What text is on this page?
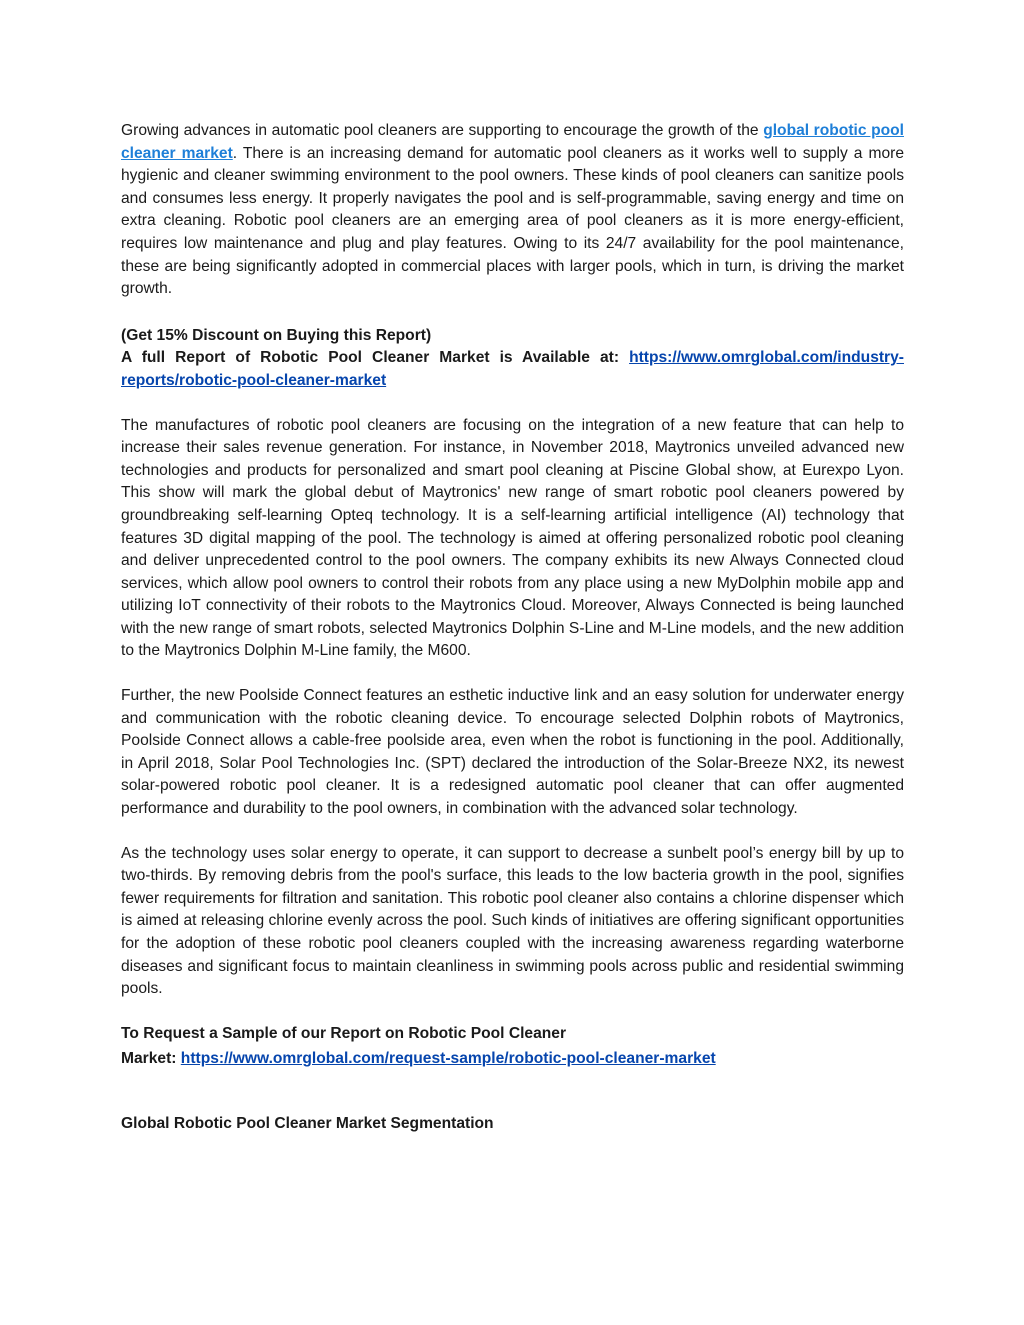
Growing advances in automatic pool cleaners are supporting to encourage the growth of the global robotic pool cleaner market. There is an increasing demand for automatic pool cleaners as it works well to supply a more hygienic and cleaner swimming environment to the pool owners. These kinds of pool cleaners can sanitize pools and consumes less energy. It properly navigates the pool and is self-programmable, saving energy and time on extra cleaning. Robotic pool cleaners are an emerging area of pool cleaners as it is more energy-efficient, requires low maintenance and plug and play features. Owing to its 24/7 availability for the pool maintenance, these are being significantly adopted in commercial places with larger pools, which in turn, is driving the market growth.

(Get 15% Discount on Buying this Report)

A full Report of Robotic Pool Cleaner Market is Available at: https://www.omrglobal.com/industry-reports/robotic-pool-cleaner-market

The manufactures of robotic pool cleaners are focusing on the integration of a new feature that can help to increase their sales revenue generation. For instance, in November 2018, Maytronics unveiled advanced new technologies and products for personalized and smart pool cleaning at Piscine Global show, at Eurexpo Lyon. This show will mark the global debut of Maytronics' new range of smart robotic pool cleaners powered by groundbreaking self-learning Opteq technology. It is a self-learning artificial intelligence (AI) technology that features 3D digital mapping of the pool. The technology is aimed at offering personalized robotic pool cleaning and deliver unprecedented control to the pool owners. The company exhibits its new Always Connected cloud services, which allow pool owners to control their robots from any place using a new MyDolphin mobile app and utilizing IoT connectivity of their robots to the Maytronics Cloud. Moreover, Always Connected is being launched with the new range of smart robots, selected Maytronics Dolphin S-Line and M-Line models, and the new addition to the Maytronics Dolphin M-Line family, the M600.

Further, the new Poolside Connect features an esthetic inductive link and an easy solution for underwater energy and communication with the robotic cleaning device. To encourage selected Dolphin robots of Maytronics, Poolside Connect allows a cable-free poolside area, even when the robot is functioning in the pool. Additionally, in April 2018, Solar Pool Technologies Inc. (SPT) declared the introduction of the Solar-Breeze NX2, its newest solar-powered robotic pool cleaner. It is a redesigned automatic pool cleaner that can offer augmented performance and durability to the pool owners, in combination with the advanced solar technology.

As the technology uses solar energy to operate, it can support to decrease a sunbelt pool’s energy bill by up to two-thirds. By removing debris from the pool's surface, this leads to the low bacteria growth in the pool, signifies fewer requirements for filtration and sanitation. This robotic pool cleaner also contains a chlorine dispenser which is aimed at releasing chlorine evenly across the pool. Such kinds of initiatives are offering significant opportunities for the adoption of these robotic pool cleaners coupled with the increasing awareness regarding waterborne diseases and significant focus to maintain cleanliness in swimming pools across public and residential swimming pools.

To Request a Sample of our Report on Robotic Pool Cleaner

Market: https://www.omrglobal.com/request-sample/robotic-pool-cleaner-market

Global Robotic Pool Cleaner Market Segmentation
